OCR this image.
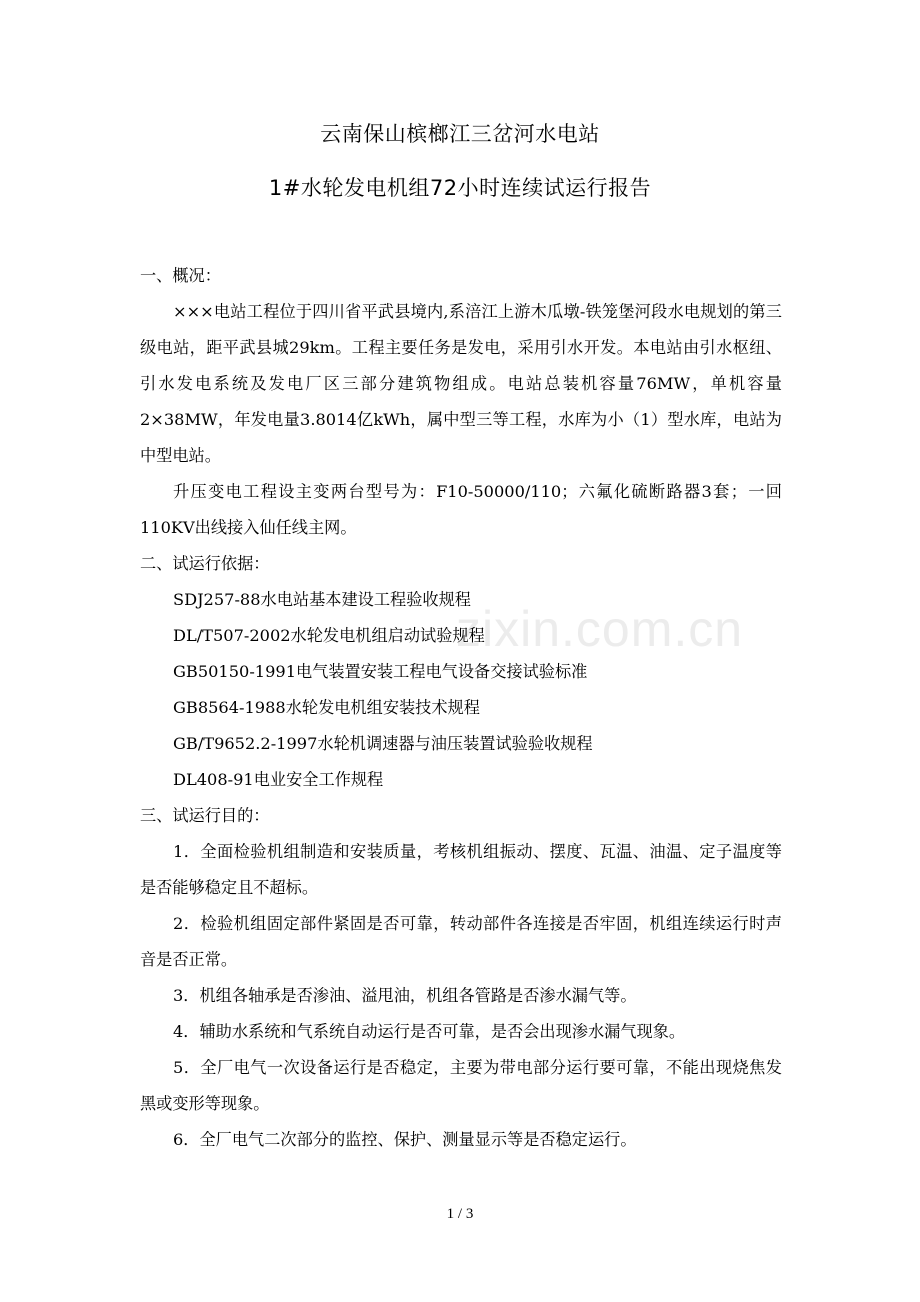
云南保山槟榔江三岔河水电站
1#水轮发电机组72小时连续试运行报告
zixin.com.cn

一、概况：

×××电站工程位于四川省平武县境内,系涪江上游木瓜墩-铁笼堡河段水电规划的第三级电站，距平武县城29km。工程主要任务是发电，采用引水开发。本电站由引水枢纽、引水发电系统及发电厂区三部分建筑物组成。电站总装机容量76MW，单机容量2×38MW，年发电量3.8014亿kWh，属中型三等工程，水库为小（1）型水库，电站为中型电站。

升压变电工程设主变两台型号为：F10-50000/110；六氟化硫断路器3套；一回110KV出线接入仙任线主网。

二、试运行依据：

SDJ257-88水电站基本建设工程验收规程

DL/T507-2002水轮发电机组启动试验规程

GB50150-1991电气装置安装工程电气设备交接试验标准

GB8564-1988水轮发电机组安装技术规程

GB/T9652.2-1997水轮机调速器与油压装置试验验收规程

DL408-91电业安全工作规程

三、试运行目的：

1．全面检验机组制造和安装质量，考核机组振动、摆度、瓦温、油温、定子温度等是否能够稳定且不超标。

2．检验机组固定部件紧固是否可靠，转动部件各连接是否牢固，机组连续运行时声音是否正常。

3．机组各轴承是否渗油、溢甩油，机组各管路是否渗水漏气等。

4．辅助水系统和气系统自动运行是否可靠，是否会出现渗水漏气现象。

5．全厂电气一次设备运行是否稳定，主要为带电部分运行要可靠，不能出现烧焦发黑或变形等现象。

6．全厂电气二次部分的监控、保护、测量显示等是否稳定运行。

1 / 3
